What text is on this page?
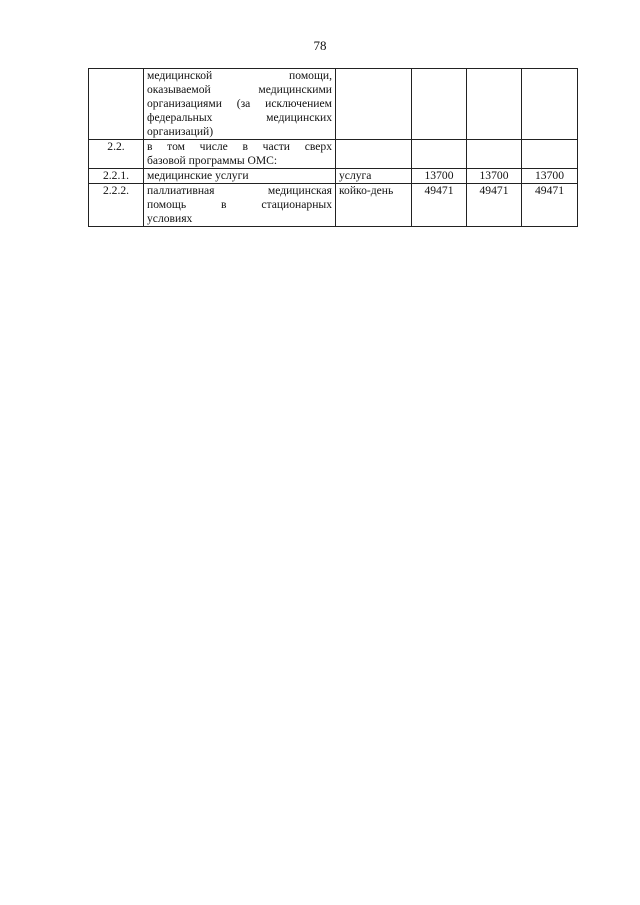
78

	медицинской помощи,
оказываемой медицинскими
организациями (за исключением
федеральных медицинских
организаций)				

2.2.	в том числе в части сверх
базовой программы ОМС:				

2.2.1.	медицинские услуги	услуга	13700	13700	13700
2.2.2.	паллиативная медицинская
помощь в стационарных
условиях	койко-день	49471	49471	49471
